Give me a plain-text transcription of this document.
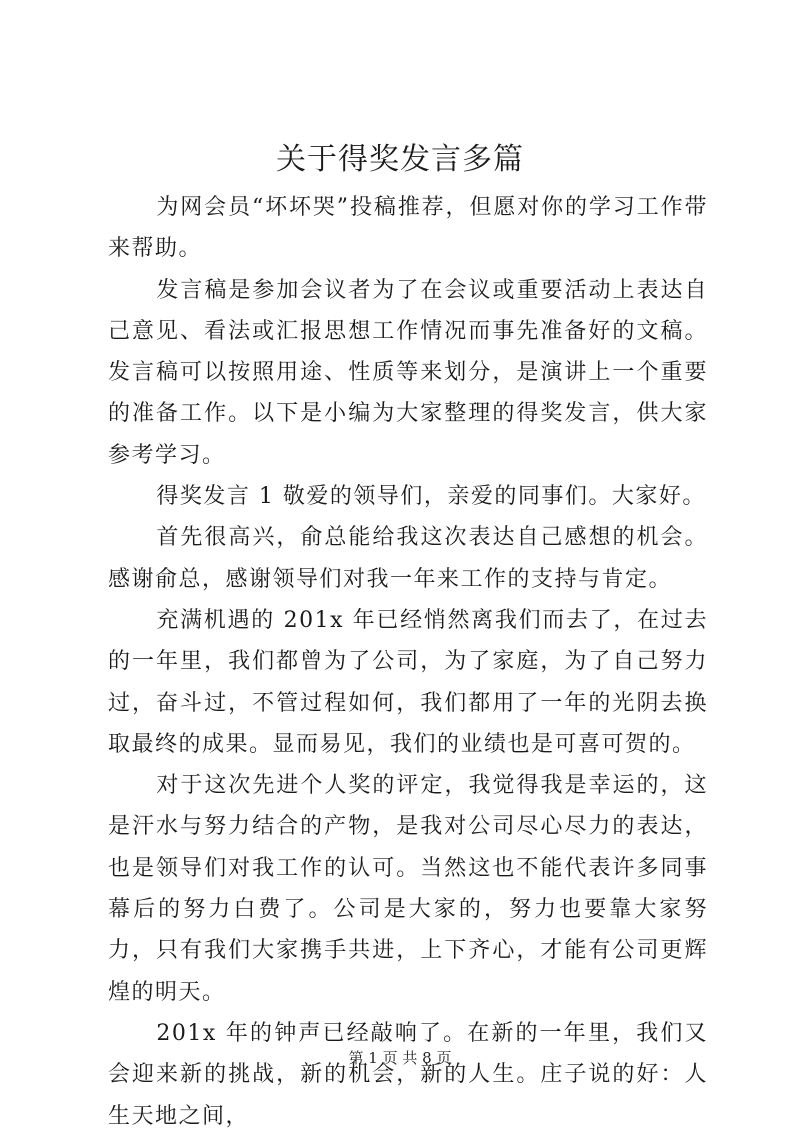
关于得奖发言多篇

为网会员“坏坏哭”投稿推荐，但愿对你的学习工作带来帮助。

发言稿是参加会议者为了在会议或重要活动上表达自己意见、看法或汇报思想工作情况而事先准备好的文稿。发言稿可以按照用途、性质等来划分，是演讲上一个重要的准备工作。以下是小编为大家整理的得奖发言，供大家参考学习。

得奖发言 1 敬爱的领导们，亲爱的同事们。大家好。

首先很高兴，俞总能给我这次表达自己感想的机会。感谢俞总，感谢领导们对我一年来工作的支持与肯定。

充满机遇的 201x 年已经悄然离我们而去了，在过去的一年里，我们都曾为了公司，为了家庭，为了自己努力过，奋斗过，不管过程如何，我们都用了一年的光阴去换取最终的成果。显而易见，我们的业绩也是可喜可贺的。

对于这次先进个人奖的评定，我觉得我是幸运的，这是汗水与努力结合的产物，是我对公司尽心尽力的表达，也是领导们对我工作的认可。当然这也不能代表许多同事幕后的努力白费了。公司是大家的，努力也要靠大家努力，只有我们大家携手共进，上下齐心，才能有公司更辉煌的明天。

201x 年的钟声已经敲响了。在新的一年里，我们又会迎来新的挑战，新的机会，新的人生。庄子说的好：人生天地之间，

第 1 页 共 8 页
